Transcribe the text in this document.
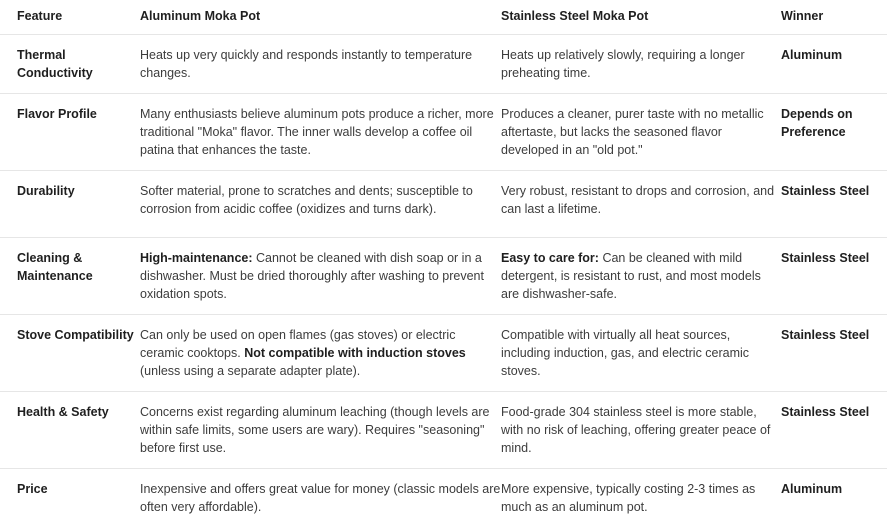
Feature	Aluminum Moka Pot	Stainless Steel Moka Pot	Winner

Thermal Conductivity	Heats up very quickly and responds instantly to temperature changes.	Heats up relatively slowly, requiring a longer preheating time.	Aluminum

Flavor Profile	Many enthusiasts believe aluminum pots produce a richer, more traditional "Moka" flavor. The inner walls develop a coffee oil patina that enhances the taste.	Produces a cleaner, purer taste with no metallic aftertaste, but lacks the seasoned flavor developed in an "old pot."	Depends on Preference

Durability	Softer material, prone to scratches and dents; susceptible to corrosion from acidic coffee (oxidizes and turns dark).	Very robust, resistant to drops and corrosion, and can last a lifetime.	Stainless Steel

Cleaning & Maintenance	High-maintenance: Cannot be cleaned with dish soap or in a dishwasher. Must be dried thoroughly after washing to prevent oxidation spots.	Easy to care for: Can be cleaned with mild detergent, is resistant to rust, and most models are dishwasher-safe.	Stainless Steel

Stove Compatibility	Can only be used on open flames (gas stoves) or electric ceramic cooktops. Not compatible with induction stoves (unless using a separate adapter plate).	Compatible with virtually all heat sources, including induction, gas, and electric ceramic stoves.	Stainless Steel

Health & Safety	Concerns exist regarding aluminum leaching (though levels are within safe limits, some users are wary). Requires "seasoning" before first use.	Food-grade 304 stainless steel is more stable, with no risk of leaching, offering greater peace of mind.	Stainless Steel

Price	Inexpensive and offers great value for money (classic models are often very affordable).	More expensive, typically costing 2-3 times as much as an aluminum pot.	Aluminum
